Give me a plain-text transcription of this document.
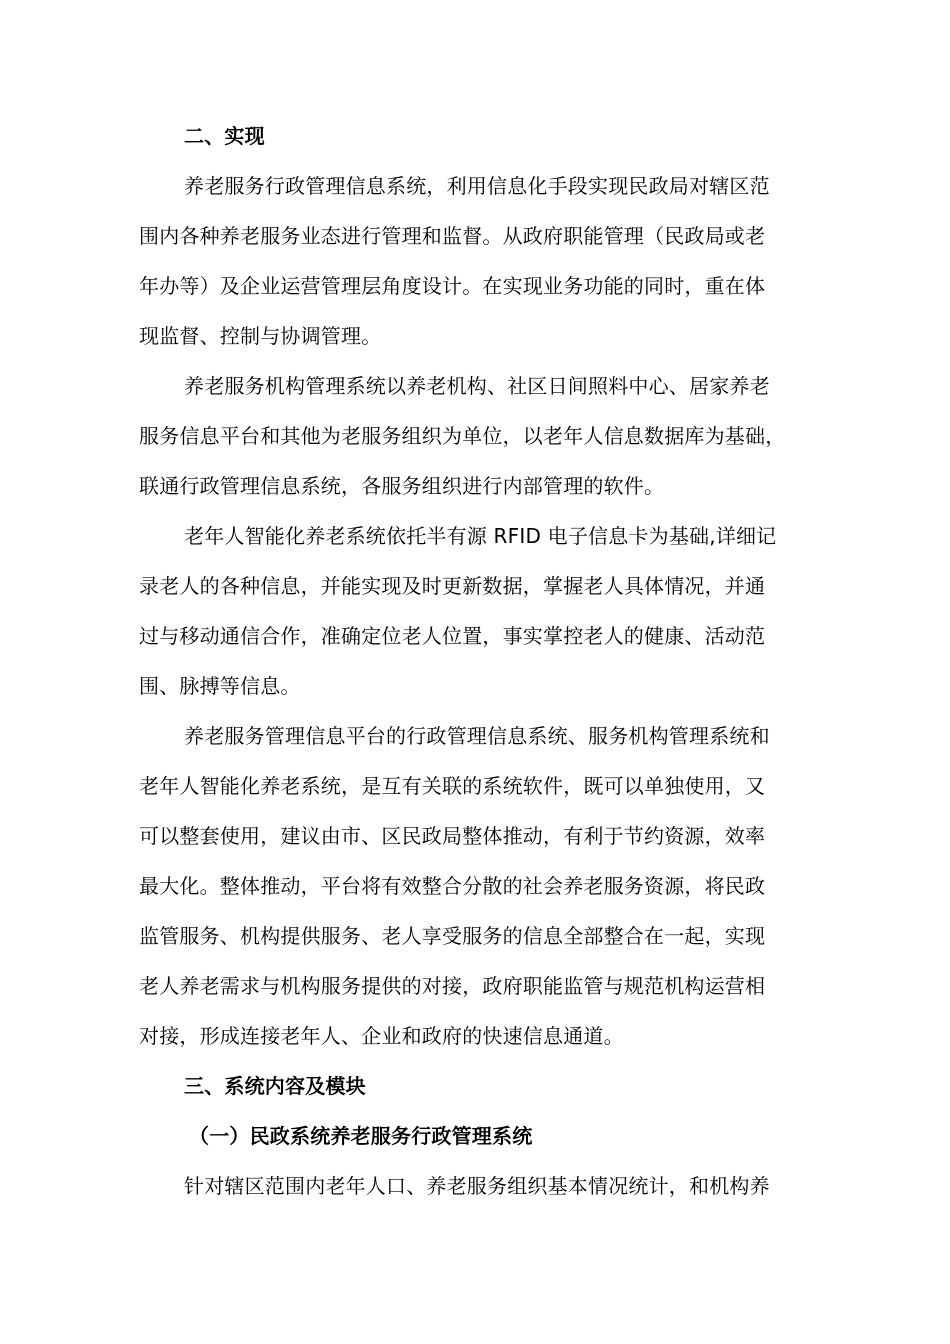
二、实现
养老服务行政管理信息系统，利用信息化手段实现民政局对辖区范
围内各种养老服务业态进行管理和监督。从政府职能管理（民政局或老
年办等）及企业运营管理层角度设计。在实现业务功能的同时，重在体
现监督、控制与协调管理。
养老服务机构管理系统以养老机构、社区日间照料中心、居家养老
服务信息平台和其他为老服务组织为单位，以老年人信息数据库为基础，
联通行政管理信息系统，各服务组织进行内部管理的软件。
老年人智能化养老系统依托半有源 RFID 电子信息卡为基础,详细记
录老人的各种信息，并能实现及时更新数据，掌握老人具体情况，并通
过与移动通信合作，准确定位老人位置，事实掌控老人的健康、活动范
围、脉搏等信息。
养老服务管理信息平台的行政管理信息系统、服务机构管理系统和
老年人智能化养老系统，是互有关联的系统软件，既可以单独使用，又
可以整套使用，建议由市、区民政局整体推动，有利于节约资源，效率
最大化。整体推动，平台将有效整合分散的社会养老服务资源，将民政
监管服务、机构提供服务、老人享受服务的信息全部整合在一起，实现
老人养老需求与机构服务提供的对接，政府职能监管与规范机构运营相
对接，形成连接老年人、企业和政府的快速信息通道。
三、系统内容及模块
（一）民政系统养老服务行政管理系统
针对辖区范围内老年人口、养老服务组织基本情况统计，和机构养
